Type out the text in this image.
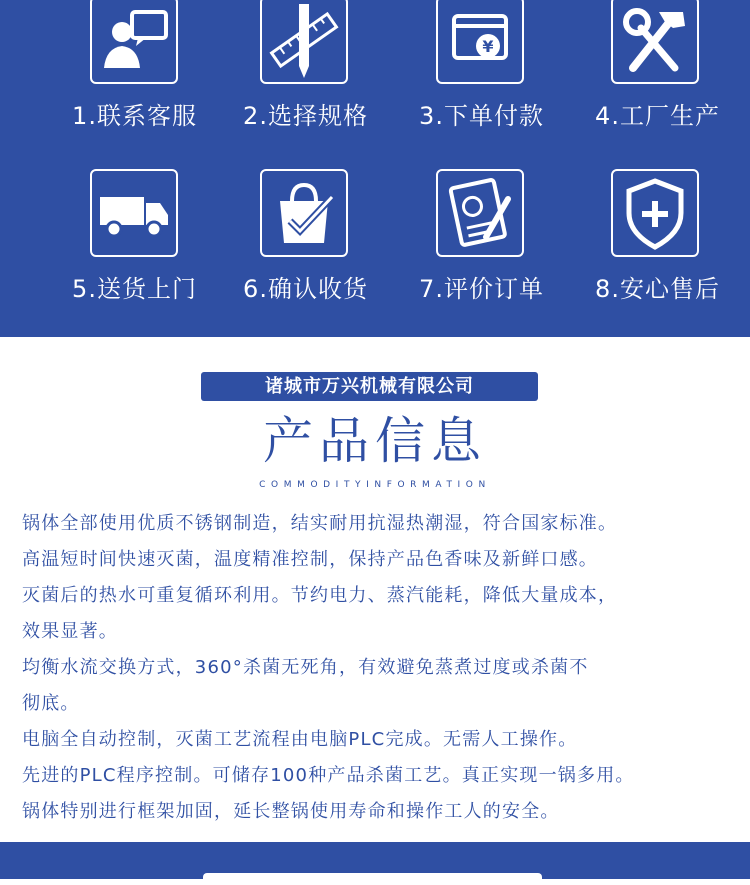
1.联系客服	2.选择规格
¥
3.下单付款	4.工厂生产
5.送货上门	6.确认收货	7.评价订单	8.安心售后
诸城市万兴机械有限公司
产品信息
COMMODITYINFORMATION
锅体全部使用优质不锈钢制造，结实耐用抗湿热潮湿，符合国家标准。
高温短时间快速灭菌，温度精准控制，保持产品色香味及新鲜口感。
灭菌后的热水可重复循环利用。节约电力、蒸汽能耗，降低大量成本，
效果显著。
均衡水流交换方式，360°杀菌无死角，有效避免蒸煮过度或杀菌不
彻底。
电脑全自动控制，灭菌工艺流程由电脑PLC完成。无需人工操作。
先进的PLC程序控制。可储存100种产品杀菌工艺。真正实现一锅多用。
锅体特别进行框架加固，延长整锅使用寿命和操作工人的安全。
